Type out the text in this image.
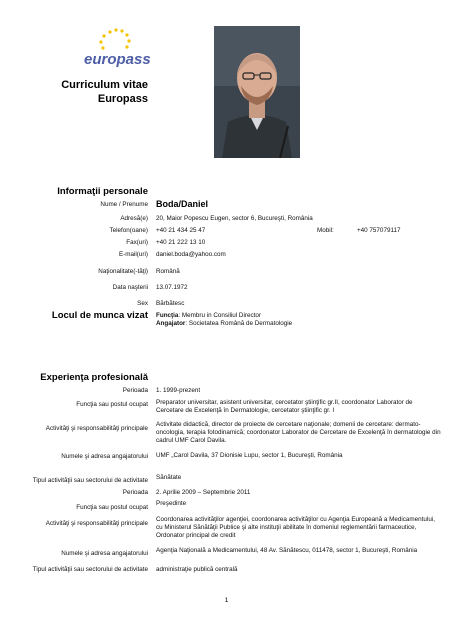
europass
Curriculum vitae
Europass
Informaţii personale
Nume / Prenume Boda/Daniel
Adresă(e) 20, Maior Popescu Eugen, sector 6, Bucureşti, România
Telefon(oane) +40 21 434 25 47	Mobil:	+40 757079117
Fax(uri) +40 21 222 13 10
E-mail(uri) daniel.boda@yahoo.com
Naţionalitate(-tăţi) Română
Data naşterii 13.07.1972
Sex Bărbătesc
Locul de munca vizat Funcţia: Membru in Consiliul Director
Angajator: Societatea Română de Dermatologie
Experienţa profesională
Perioada 1. 1999-prezent
Funcţia sau postul ocupat Preparator universitar, asistent universitar, cercetator ştiinţific gr.II, coordonator Laborator de Cercetare de Excelenţă în Dermatologie, cercetator ştiinţific gr. I
Activităţi şi responsabilităţi principale
Activitate didactică, director de proiecte de cercetare naţionale; domenii de cercetare: dermato-oncologia, terapia fotodinamică; coordonator Laborator de Cercetare de Excelenţă în dermatologie din cadrul UMF Carol Davila.
Numele şi adresa angajatorului UMF „Carol Davila, 37 Dionisie Lupu, sector 1, Bucureşti, România
Tipul activităţii sau sectorului de activitate Sănătate
Perioada 2. Aprilie 2009 – Septembrie 2011
Funcţia sau postul ocupat
Preşedinte
Activităţi şi responsabilităţi principale
Coordonarea activităţilor agenţiei, coordonarea activităţilor cu Agenţia Europeană a Medicamentului, cu Ministerul Sănătăţii Publice şi alte instituţii abilitate în domeniul reglementării farmaceutice, Ordonator principal de credit
Numele şi adresa angajatorului Agenţia Naţională a Medicamentului, 48 Av. Sănătescu, 011478, sector 1, Bucureşti, România
Tipul activităţii sau sectorului de activitate administraţie publică centrală
1
